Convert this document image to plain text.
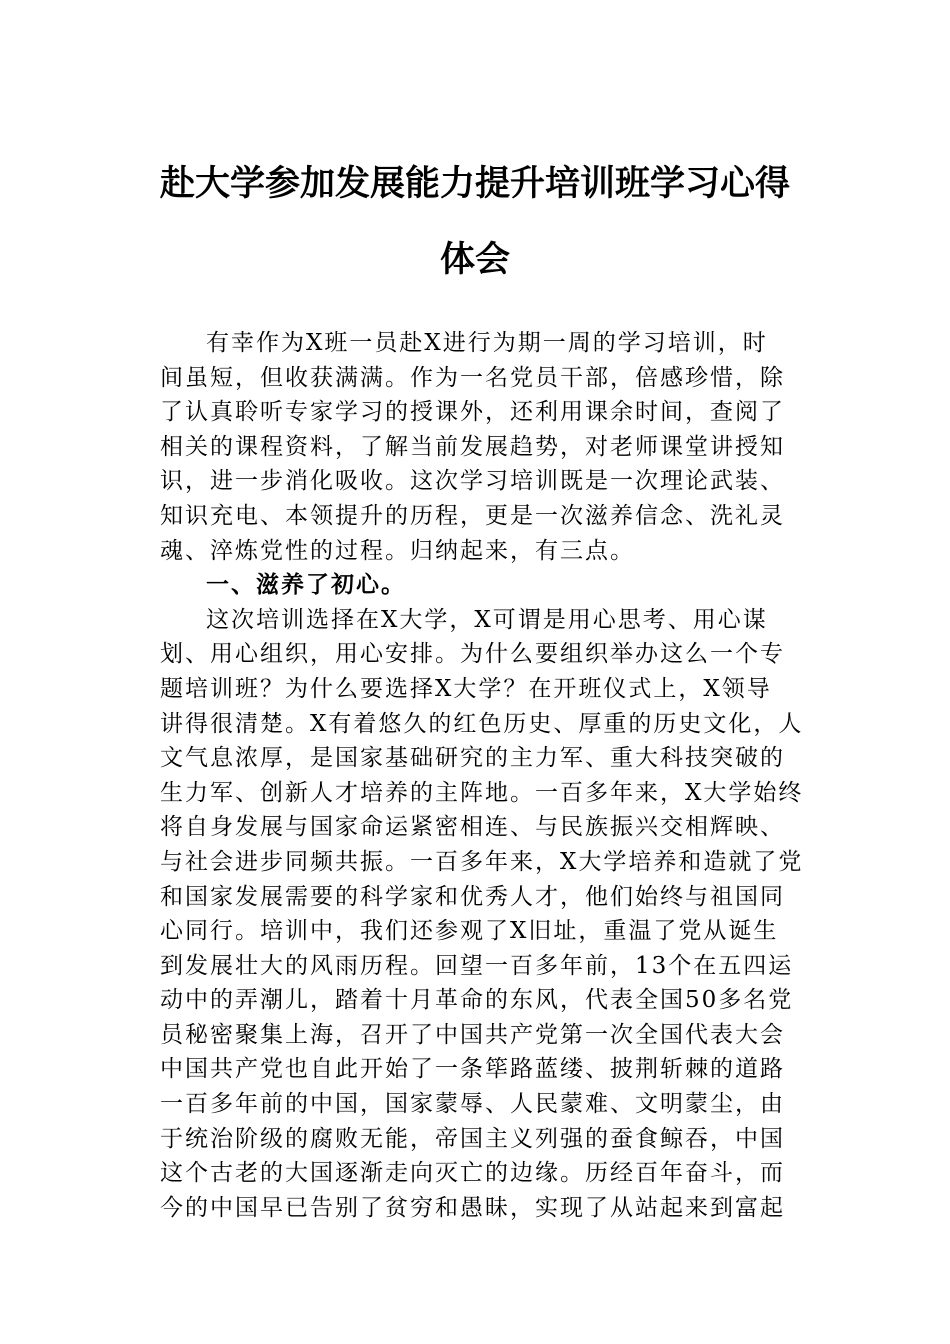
赴大学参加发展能力提升培训班学习心得
体会
有幸作为X班一员赴X进行为期一周的学习培训，时
间虽短，但收获满满。作为一名党员干部，倍感珍惜，除
了认真聆听专家学习的授课外，还利用课余时间，查阅了
相关的课程资料，了解当前发展趋势，对老师课堂讲授知
识，进一步消化吸收。这次学习培训既是一次理论武装、
知识充电、本领提升的历程，更是一次滋养信念、洗礼灵
魂、淬炼党性的过程。归纳起来，有三点。
一、滋养了初心。
这次培训选择在X大学，X可谓是用心思考、用心谋
划、用心组织，用心安排。为什么要组织举办这么一个专
题培训班？为什么要选择X大学？在开班仪式上，X领导
讲得很清楚。X有着悠久的红色历史、厚重的历史文化，人
文气息浓厚，是国家基础研究的主力军、重大科技突破的
生力军、创新人才培养的主阵地。一百多年来，X大学始终
将自身发展与国家命运紧密相连、与民族振兴交相辉映、
与社会进步同频共振。一百多年来，X大学培养和造就了党
和国家发展需要的科学家和优秀人才，他们始终与祖国同
心同行。培训中，我们还参观了X旧址，重温了党从诞生
到发展壮大的风雨历程。回望一百多年前，13个在五四运
动中的弄潮儿，踏着十月革命的东风，代表全国50多名党
员秘密聚集上海，召开了中国共产党第一次全国代表大会
中国共产党也自此开始了一条筚路蓝缕、披荆斩棘的道路
一百多年前的中国，国家蒙辱、人民蒙难、文明蒙尘，由
于统治阶级的腐败无能，帝国主义列强的蚕食鲸吞，中国
这个古老的大国逐渐走向灭亡的边缘。历经百年奋斗，而
今的中国早已告别了贫穷和愚昧，实现了从站起来到富起
